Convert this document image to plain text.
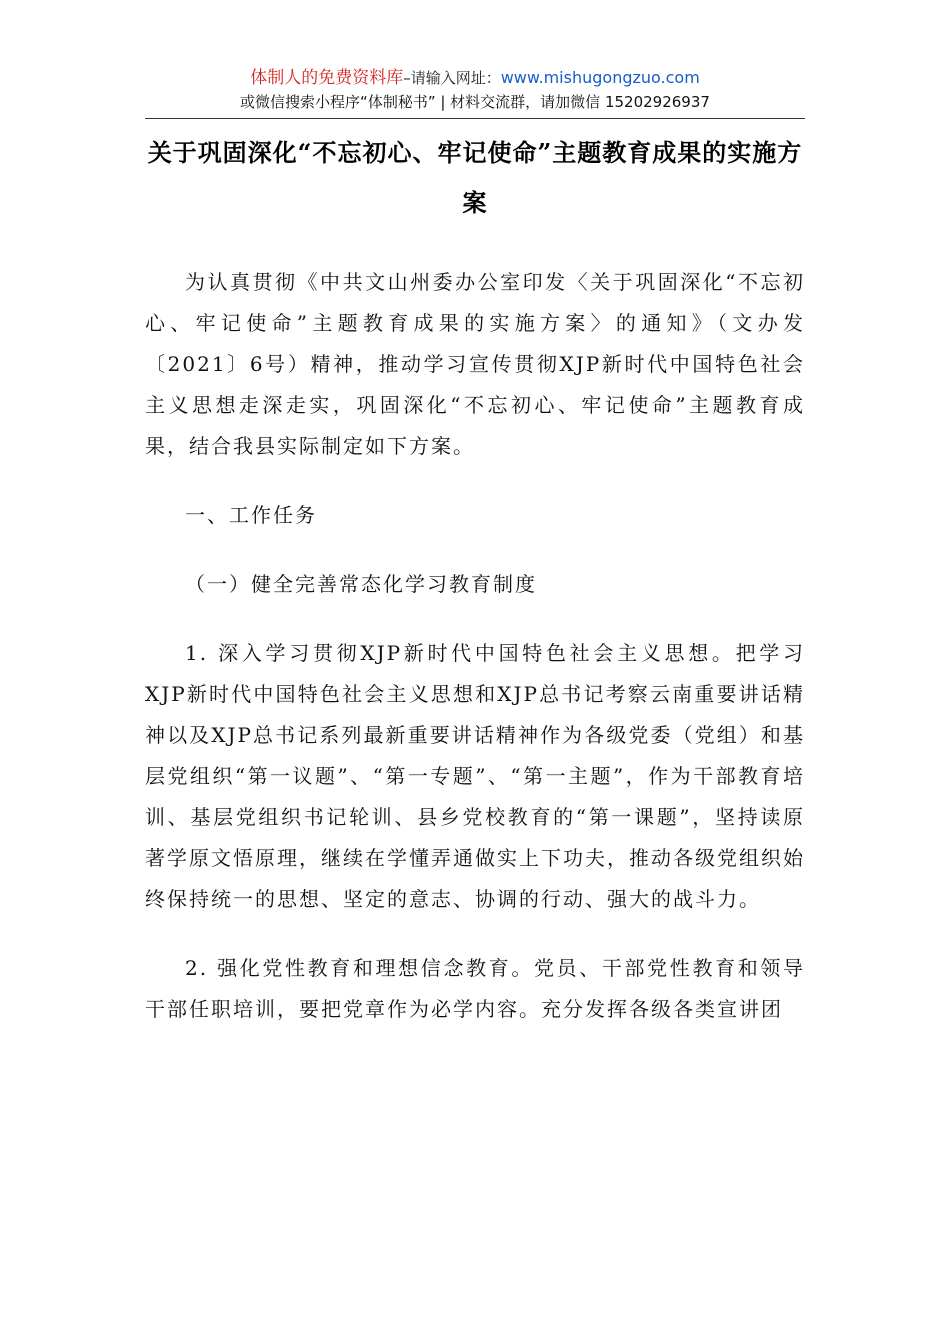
体制人的免费资料库–请输入网址：www.mishugongzuo.com
或微信搜索小程序“体制秘书” | 材料交流群，请加微信 15202926937
关于巩固深化“不忘初心、牢记使命”主题教育成果的实施方案

为认真贯彻《中共文山州委办公室印发〈关于巩固深化“不忘初心、牢记使命”主题教育成果的实施方案〉的通知》（文办发〔2021〕6号）精神，推动学习宣传贯彻XJP新时代中国特色社会主义思想走深走实，巩固深化“不忘初心、牢记使命”主题教育成果，结合我县实际制定如下方案。

一、工作任务

（一）健全完善常态化学习教育制度

1. 深入学习贯彻XJP新时代中国特色社会主义思想。把学习XJP新时代中国特色社会主义思想和XJP总书记考察云南重要讲话精神以及XJP总书记系列最新重要讲话精神作为各级党委（党组）和基层党组织“第一议题”、“第一专题”、“第一主题”，作为干部教育培训、基层党组织书记轮训、县乡党校教育的“第一课题”，坚持读原著学原文悟原理，继续在学懂弄通做实上下功夫，推动各级党组织始终保持统一的思想、坚定的意志、协调的行动、强大的战斗力。

2. 强化党性教育和理想信念教育。党员、干部党性教育和领导干部任职培训，要把党章作为必学内容。充分发挥各级各类宣讲团
